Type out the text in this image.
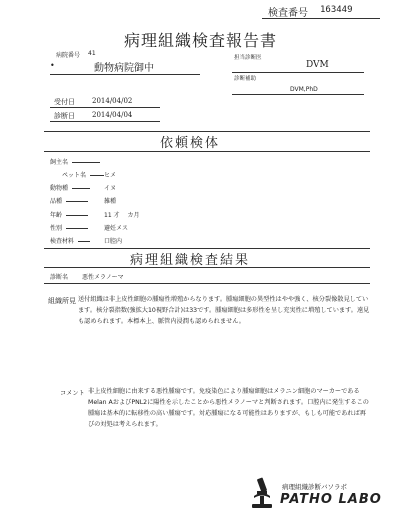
検査番号 163449
病理組織検査報告書
病院番号 41
•	動物病院御中
担当診断医
DVM
診断補助
DVM,PhD
受付日 2014/04/02
診断日 2014/04/04
依頼検体
飼主名
ペット名	ヒメ
動物種	イヌ
品種	雑種
年齢	11 才　 カ月
性別	避妊メス
検査材料	口腔内
病理組織検査結果
診断名 悪性メラノーマ
組織所見 送付組織は非上皮性細胞の腫瘍性増殖からなります。腫瘍細胞の異型性はやや強く、核分裂像散見しています。核分裂指数(強拡大10視野合計)は33です。腫瘍細胞は多形性を呈し充実性に増殖しています。遠見も認められます。本標本上、脈管内浸潤も認められません。
コメント 非上皮性細胞に由来する悪性腫瘍です。免疫染色により腫瘍細胞はメラニン細胞のマーカーであるMelan AおよびPNL2に陽性を示したことから悪性メラノーマと判断されます。口腔内に発生するこの腫瘍は基本的に転移性の高い腫瘍です。対応腫瘍になる可能性はありますが、もしも可能であれば再びの対処は考えられます。
病理組織診断バソラボ
PATHO LABO
